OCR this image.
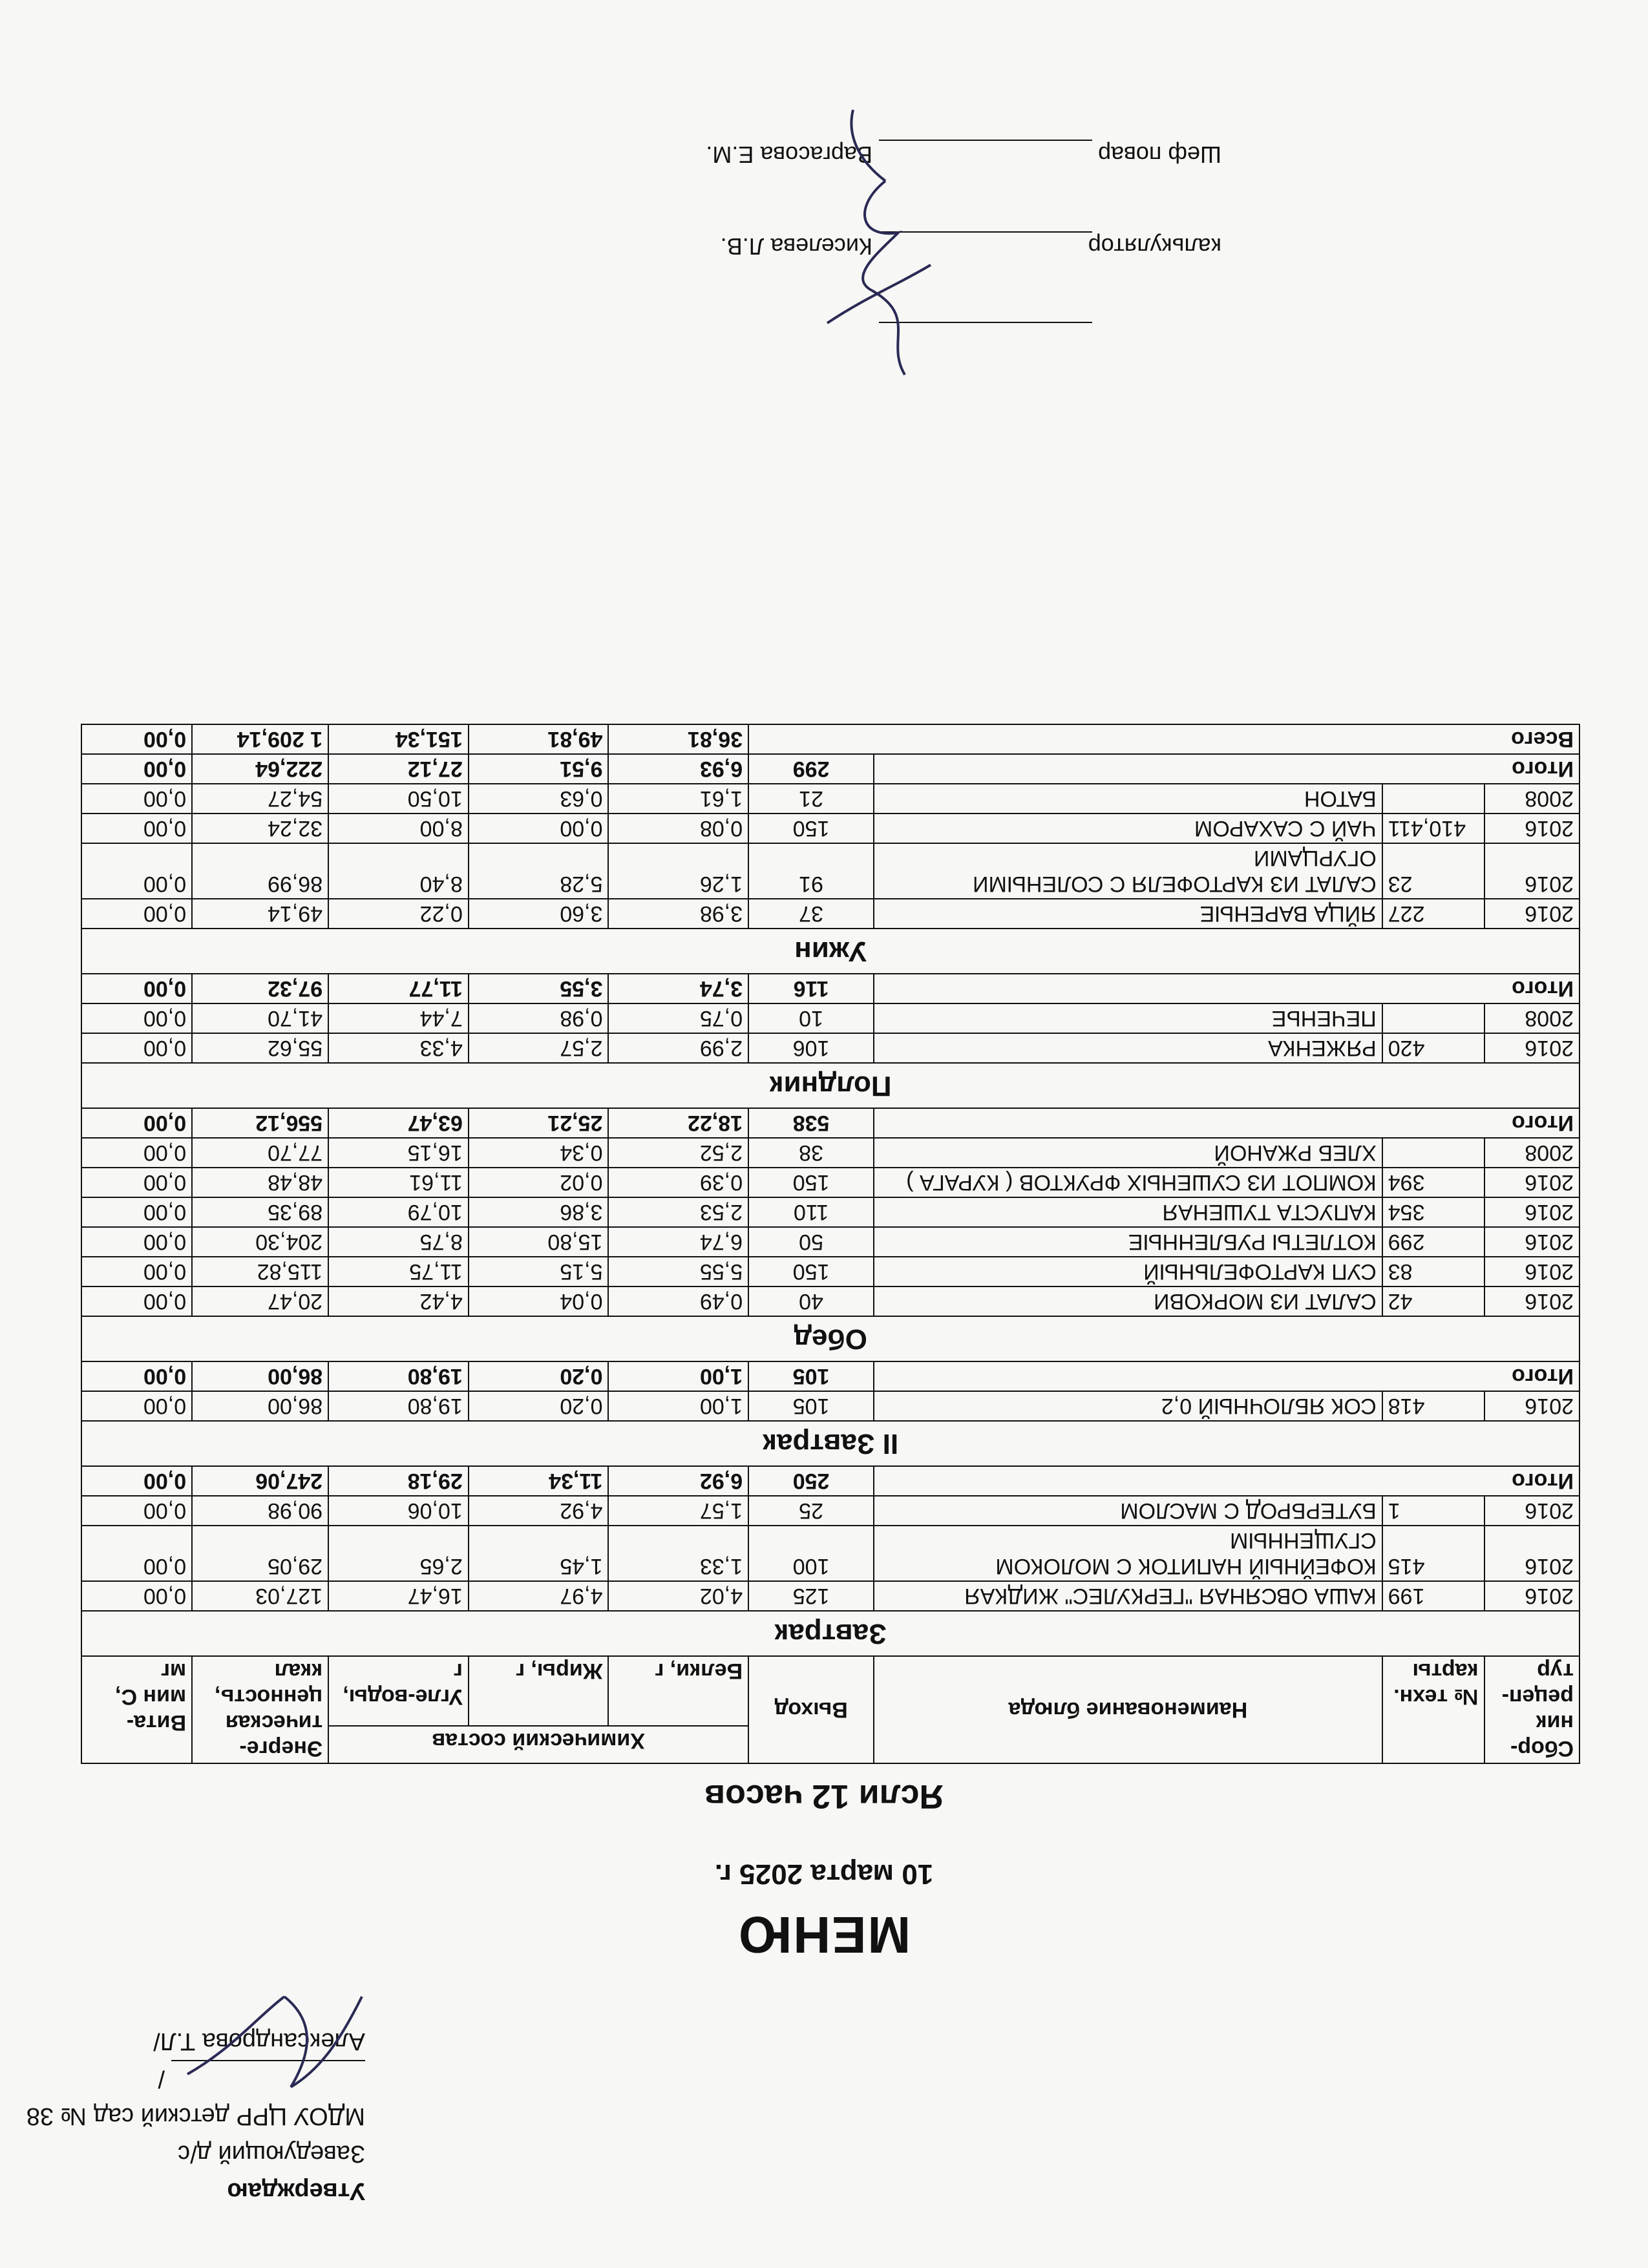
Утверждаю
Заведующий д/с
МДОУ ЦРР детский сад № 38
/Александрова Т.Л/
МЕНЮ
10 марта 2025 г.
Ясли 12 часов
Сбор-ник рецеп-тур	№ техн. карты	Наименование блюда	Выход	Химический состав			Энерге-тическая ценность, ккал	Вита-мин С, мг
				Белки, г	Жиры, г	Угле-воды, г		
Завтрак								
2016	199	КАША ОВСЯНАЯ "ГЕРКУЛЕС" ЖИДКАЯ	125	4,02	4,97	16,47	127,03	0,00
2016	415	КОФЕЙНЫЙ НАПИТОК С МОЛОКОМ СГУЩЕННЫМ	100	1,33	1,45	2,65	29,05	0,00
2016	1	БУТЕРБРОД С МАСЛОМ	25	1,57	4,92	10,06	90,98	0,00
Итого			250	6,92	11,34	29,18	247,06	0,00
II Завтрак								
2016	418	СОК ЯБЛОЧНЫЙ 0,2	105	1,00	0,20	19,80	86,00	0,00
Итого			105	1,00	0,20	19,80	86,00	0,00
Обед								
2016	42	САЛАТ ИЗ МОРКОВИ	40	0,49	0,04	4,42	20,47	0,00
2016	83	СУП КАРТОФЕЛЬНЫЙ	150	5,55	5,15	11,75	115,82	0,00
2016	299	КОТЛЕТЫ РУБЛЕННЫЕ	50	6,74	15,80	8,75	204,30	0,00
2016	354	КАПУСТА ТУШЕНАЯ	110	2,53	3,86	10,79	89,35	0,00
2016	394	КОМПОТ ИЗ СУШЕНЫХ ФРУКТОВ ( КУРАГА )	150	0,39	0,02	11,61	48,48	0,00
2008		ХЛЕБ РЖАНОЙ	38	2,52	0,34	16,15	77,70	0,00
Итого			538	18,22	25,21	63,47	556,12	0,00
Полдник								
2016	420	РЯЖЕНКА	106	2,99	2,57	4,33	55,62	0,00
2008		ПЕЧЕНЬЕ	10	0,75	0,98	7,44	41,70	0,00
Итого			116	3,74	3,55	11,77	97,32	0,00
Ужин								
2016	227	ЯЙЦА ВАРЕНЫЕ	37	3,98	3,60	0,22	49,14	0,00
2016	23	САЛАТ ИЗ КАРТОФЕЛЯ С СОЛЕНЫМИ ОГУРЦАМИ	91	1,26	5,28	8,40	86,99	0,00
2016	410,411	ЧАЙ С САХАРОМ	150	0,08	0,00	8,00	32,24	0,00
2008		БАТОН	21	1,61	0,63	10,50	54,27	0,00
Итого			299	6,93	9,51	27,12	222,64	0,00
Всего				36,81	49,81	151,34	1 209,14	0,00
калькулятор
Киселева Л.В.
Шеф повар
Варгасова Е.М.
